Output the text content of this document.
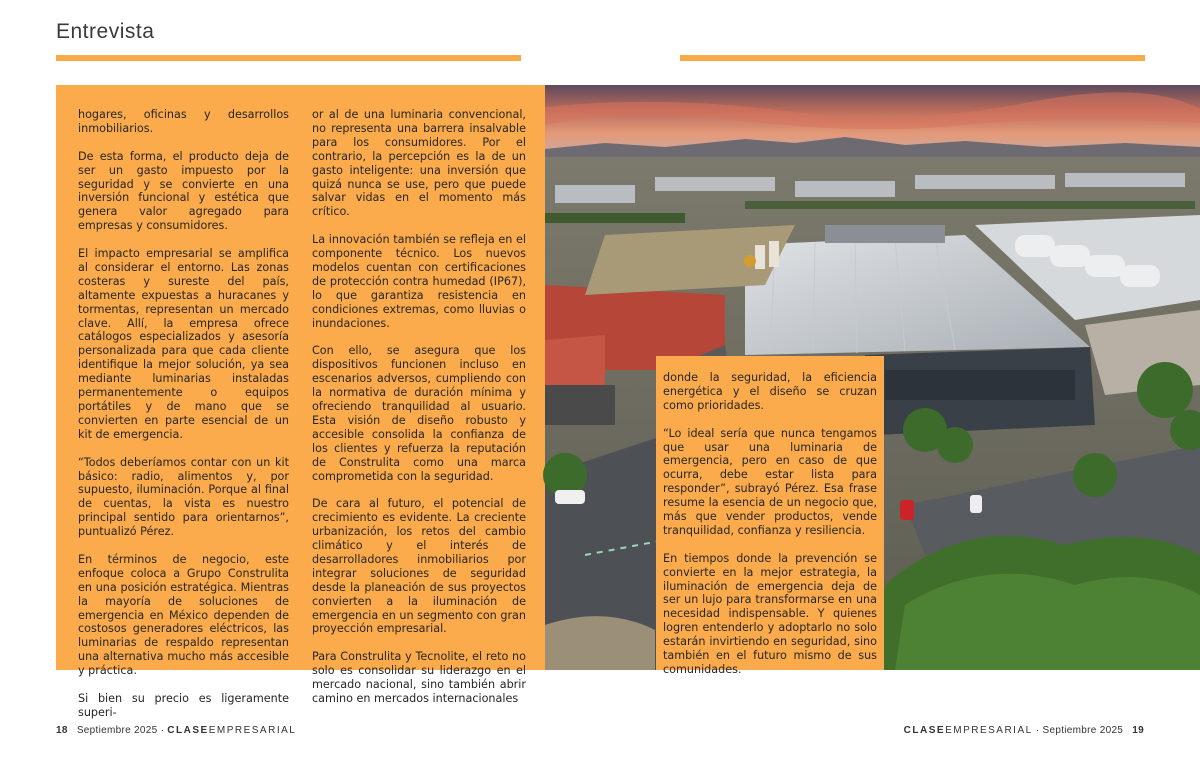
Entrevista

hogares, oficinas y desarrollos inmobiliarios.

De esta forma, el producto deja de ser un gasto impuesto por la seguridad y se convierte en una inversión funcional y estética que genera valor agregado para empresas y consumidores.

El impacto empresarial se amplifica al considerar el entorno. Las zonas costeras y sureste del país, altamente expuestas a huracanes y tormentas, representan un mercado clave. Allí, la empresa ofrece catálogos especializados y asesoría personalizada para que cada cliente identifique la mejor solución, ya sea mediante luminarias instaladas permanentemente o equipos portátiles y de mano que se convierten en parte esencial de un kit de emergencia.

“Todos deberíamos contar con un kit básico: radio, alimentos y, por supuesto, iluminación. Porque al final de cuentas, la vista es nuestro principal sentido para orientarnos”, puntualizó Pérez.

En términos de negocio, este enfoque coloca a Grupo Construlita en una posición estratégica. Mientras la mayoría de soluciones de emergencia en México dependen de costosos generadores eléctricos, las luminarias de respaldo representan una alternativa mucho más accesible y práctica.

Si bien su precio es ligeramente superi-

or al de una luminaria convencional, no representa una barrera insalvable para los consumidores. Por el contrario, la percepción es la de un gasto inteligente: una inversión que quizá nunca se use, pero que puede salvar vidas en el momento más crítico.

La innovación también se refleja en el componente técnico. Los nuevos modelos cuentan con certificaciones de protección contra humedad (IP67), lo que garantiza resistencia en condiciones extremas, como lluvias o inundaciones.

Con ello, se asegura que los dispositivos funcionen incluso en escenarios adversos, cumpliendo con la normativa de duración mínima y ofreciendo tranquilidad al usuario. Esta visión de diseño robusto y accesible consolida la confianza de los clientes y refuerza la reputación de Construlita como una marca comprometida con la seguridad.

De cara al futuro, el potencial de crecimiento es evidente. La creciente urbanización, los retos del cambio climático y el interés de desarrolladores inmobiliarios por integrar soluciones de seguridad desde la planeación de sus proyectos convierten a la iluminación de emergencia en un segmento con gran proyección empresarial.

Para Construlita y Tecnolite, el reto no solo es consolidar su liderazgo en el mercado nacional, sino también abrir camino en mercados internacionales

donde la seguridad, la eficiencia energética y el diseño se cruzan como prioridades.

“Lo ideal sería que nunca tengamos que usar una luminaria de emergencia, pero en caso de que ocurra, debe estar lista para responder”, subrayó Pérez. Esa frase resume la esencia de un negocio que, más que vender productos, vende tranquilidad, confianza y resiliencia.

En tiempos donde la prevención se convierte en la mejor estrategia, la iluminación de emergencia deja de ser un lujo para transformarse en una necesidad indispensable. Y quienes logren entenderlo y adoptarlo no solo estarán invirtiendo en seguridad, sino también en el futuro mismo de sus comunidades.

18 Septiembre 2025 · CLASEEMPRESARIAL	CLASEEMPRESARIAL · Septiembre 2025 19
